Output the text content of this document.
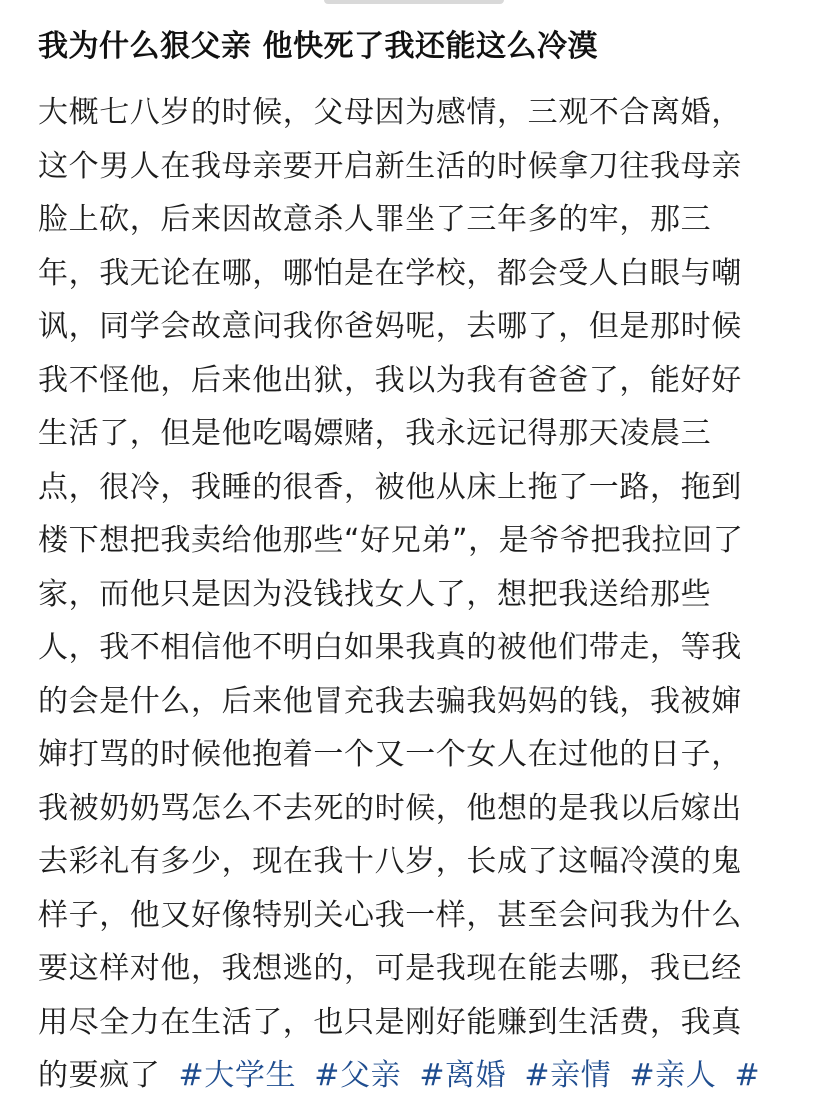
我为什么狠父亲 他快死了我还能这么冷漠
大概七八岁的时候，父母因为感情，三观不合离婚，
这个男人在我母亲要开启新生活的时候拿刀往我母亲
脸上砍，后来因故意杀人罪坐了三年多的牢，那三
年，我无论在哪，哪怕是在学校，都会受人白眼与嘲
讽，同学会故意问我你爸妈呢，去哪了，但是那时候
我不怪他，后来他出狱，我以为我有爸爸了，能好好
生活了，但是他吃喝嫖赌，我永远记得那天凌晨三
点，很冷，我睡的很香，被他从床上拖了一路，拖到
楼下想把我卖给他那些“好兄弟”，是爷爷把我拉回了
家，而他只是因为没钱找女人了，想把我送给那些
人，我不相信他不明白如果我真的被他们带走，等我
的会是什么，后来他冒充我去骗我妈妈的钱，我被婶
婶打骂的时候他抱着一个又一个女人在过他的日子，
我被奶奶骂怎么不去死的时候，他想的是我以后嫁出
去彩礼有多少，现在我十八岁，长成了这幅冷漠的鬼
样子，他又好像特别关心我一样，甚至会问我为什么
要这样对他，我想逃的，可是我现在能去哪，我已经
用尽全力在生活了，也只是刚好能赚到生活费，我真
的要疯了 #大学生 #父亲 #离婚 #亲情 #亲人 #
